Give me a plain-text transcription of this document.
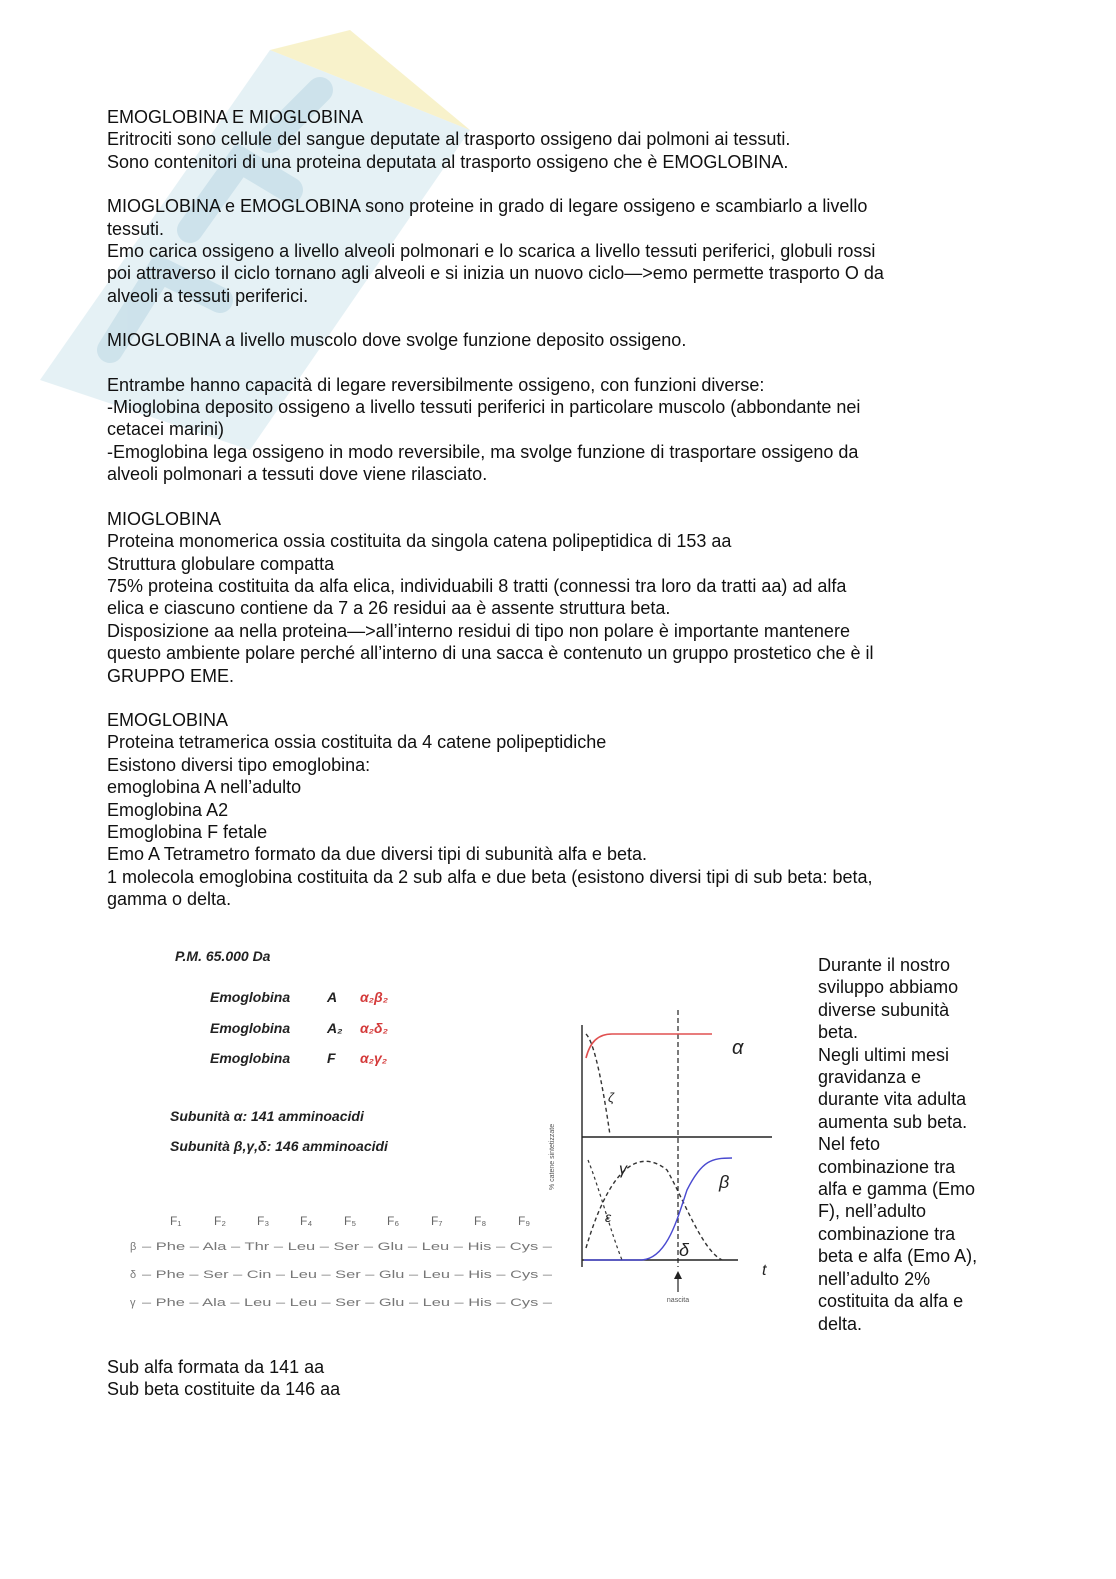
EMOGLOBINA E MIOGLOBINA
Eritrociti sono cellule del sangue deputate al trasporto ossigeno dai polmoni ai tessuti.
Sono contenitori di una proteina deputata al trasporto ossigeno che è EMOGLOBINA.

MIOGLOBINA e EMOGLOBINA sono proteine in grado di legare ossigeno e scambiarlo a livello
tessuti.
Emo carica ossigeno a livello alveoli polmonari e lo scarica a livello tessuti periferici, globuli rossi
poi attraverso il ciclo tornano agli alveoli e si inizia un nuovo ciclo—>emo permette trasporto O da
alveoli a tessuti periferici.

MIOGLOBINA a livello muscolo dove svolge funzione deposito ossigeno.

Entrambe hanno capacità di legare reversibilmente ossigeno, con funzioni diverse:
-Mioglobina deposito ossigeno a livello tessuti periferici in particolare muscolo (abbondante nei
cetacei marini)
-Emoglobina lega ossigeno in modo reversibile, ma svolge funzione di trasportare ossigeno da
alveoli polmonari a tessuti dove viene rilasciato.

MIOGLOBINA
Proteina monomerica ossia costituita da singola catena polipeptidica di 153 aa
Struttura globulare compatta
75% proteina costituita da alfa elica, individuabili 8 tratti (connessi tra loro da tratti aa) ad alfa
elica e ciascuno contiene da 7 a 26 residui aa è assente struttura beta.
Disposizione aa nella proteina—>all’interno residui di tipo non polare è importante mantenere
questo ambiente polare perché all’interno di una sacca è contenuto un gruppo prostetico che è il
GRUPPO EME.

EMOGLOBINA
Proteina tetramerica ossia costituita da 4 catene polipeptidiche
Esistono diversi tipo emoglobina:
emoglobina A nell’adulto
Emoglobina A2
Emoglobina F fetale
Emo A Tetrametro formato da due diversi tipi di subunità alfa e beta.
1 molecola emoglobina costituita da 2 sub alfa e due beta (esistono diversi tipi di sub beta: beta,
gamma o delta.

P.M. 65.000 Da
Emoglobina	A α₂β₂
Emoglobina	A₂ α₂δ₂
Emoglobina	F α₂γ₂
Subunità α: 141 amminoacidi
Subunità β,γ,δ: 146 amminoacidi
F₁	F₂	F₃	F₄	F₅	F₆	F₇	F₈	F₉
β – Phe – Ala – Thr – Leu – Ser – Glu – Leu – His – Cys –
δ – Phe – Ser – Cin – Leu – Ser – Glu – Leu – His – Cys –
γ – Phe – Ala – Leu – Leu – Ser – Glu – Leu – His – Cys –
α
γ
β
δ
ε
ζ
t
nascita
% catene sintetizzate
Durante il nostro
sviluppo abbiamo
diverse subunità
beta.
Negli ultimi mesi
gravidanza e
durante vita adulta
aumenta sub beta.
Nel feto
combinazione tra
alfa e gamma (Emo
F), nell’adulto
combinazione tra
beta e alfa (Emo A),
nell’adulto 2%
costituita da alfa e
delta.
Sub alfa formata da 141 aa
Sub beta costituite da 146 aa
